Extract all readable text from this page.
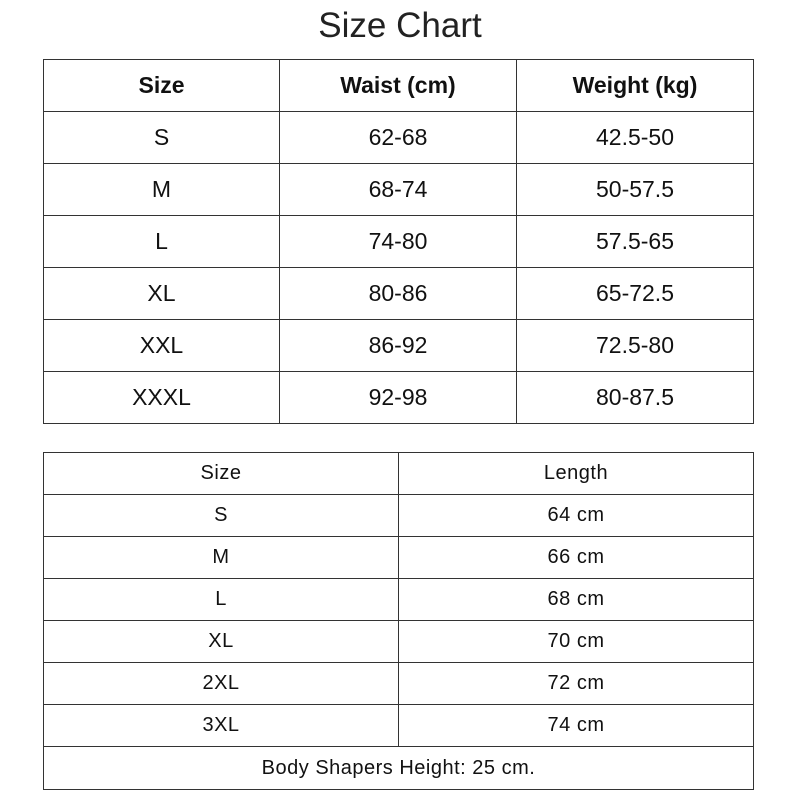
Size Chart
Size	Waist (cm)	Weight (kg)
S	62-68	42.5-50
M	68-74	50-57.5
L	74-80	57.5-65
XL	80-86	65-72.5
XXL	86-92	72.5-80
XXXL	92-98	80-87.5
Size	Length
S	64 cm
M	66 cm
L	68 cm
XL	70 cm
2XL	72 cm
3XL	74 cm
Body Shapers Height: 25 cm.	
